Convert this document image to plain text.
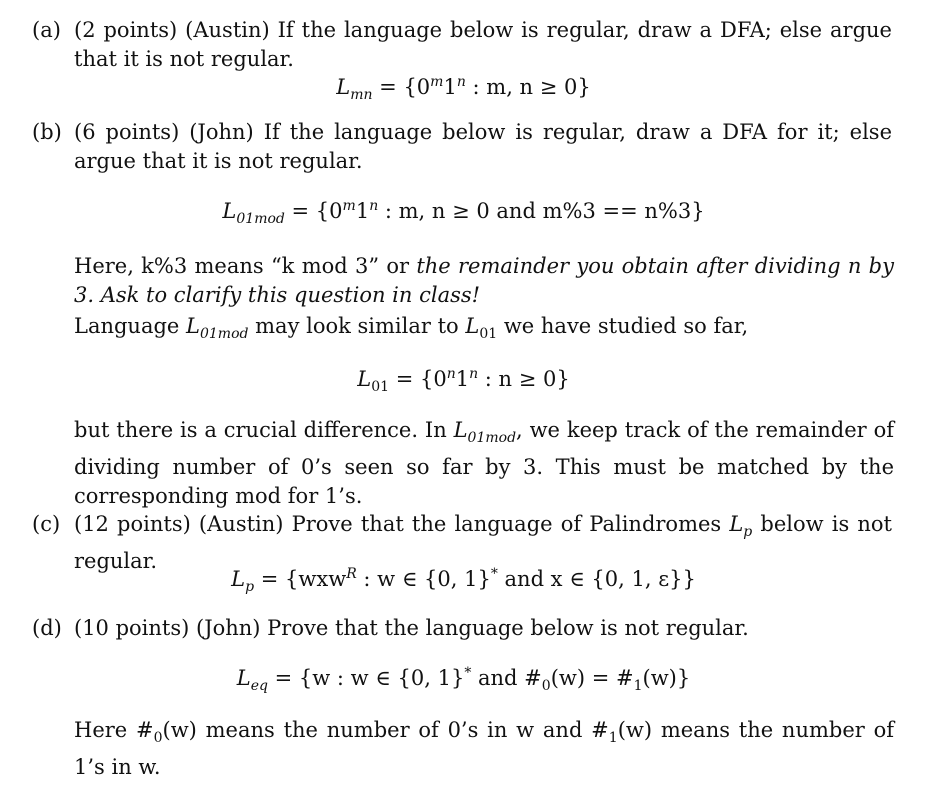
(a) (2 points) (Austin) If the language below is regular, draw a DFA; else argue that it is not regular.
$L_{mn} = \{0^m1^n$ : m, n ≥ 0}
(b) (6 points) (John) If the language below is regular, draw a DFA for it; else argue that it is not regular.
$L_{01mod} = \{0^m1^n$ : m, n ≥ 0 and m%3 == n%3}
Here, k%3 means “k mod 3” or the remainder you obtain after dividing n by 3. Ask to clarify this question in class!
Language $L_{01mod}$ may look similar to $L_{01}$ we have studied so far,
$L_{01} = \{0^n1^n$ : n ≥ 0}
but there is a crucial difference. In $L_{01mod}$, we keep track of the remainder of dividing number of 0’s seen so far by 3. This must be matched by the corresponding mod for 1’s.
(c) (12 points) (Austin) Prove that the language of Palindromes $L_p$ below is not regular.
$L_p = \{wxw^R$ : w ∈ {0, 1}* and x ∈ {0, 1, ε}}
(d) (10 points) (John) Prove that the language below is not regular.
$L_{eq} = \{w$ : w ∈ {0, 1}* and $\#_0(w)$ = $\#_1(w)$}
Here $\#_0(w)$ means the number of 0’s in w and $\#_1(w)$ means the number of 1’s in w.
